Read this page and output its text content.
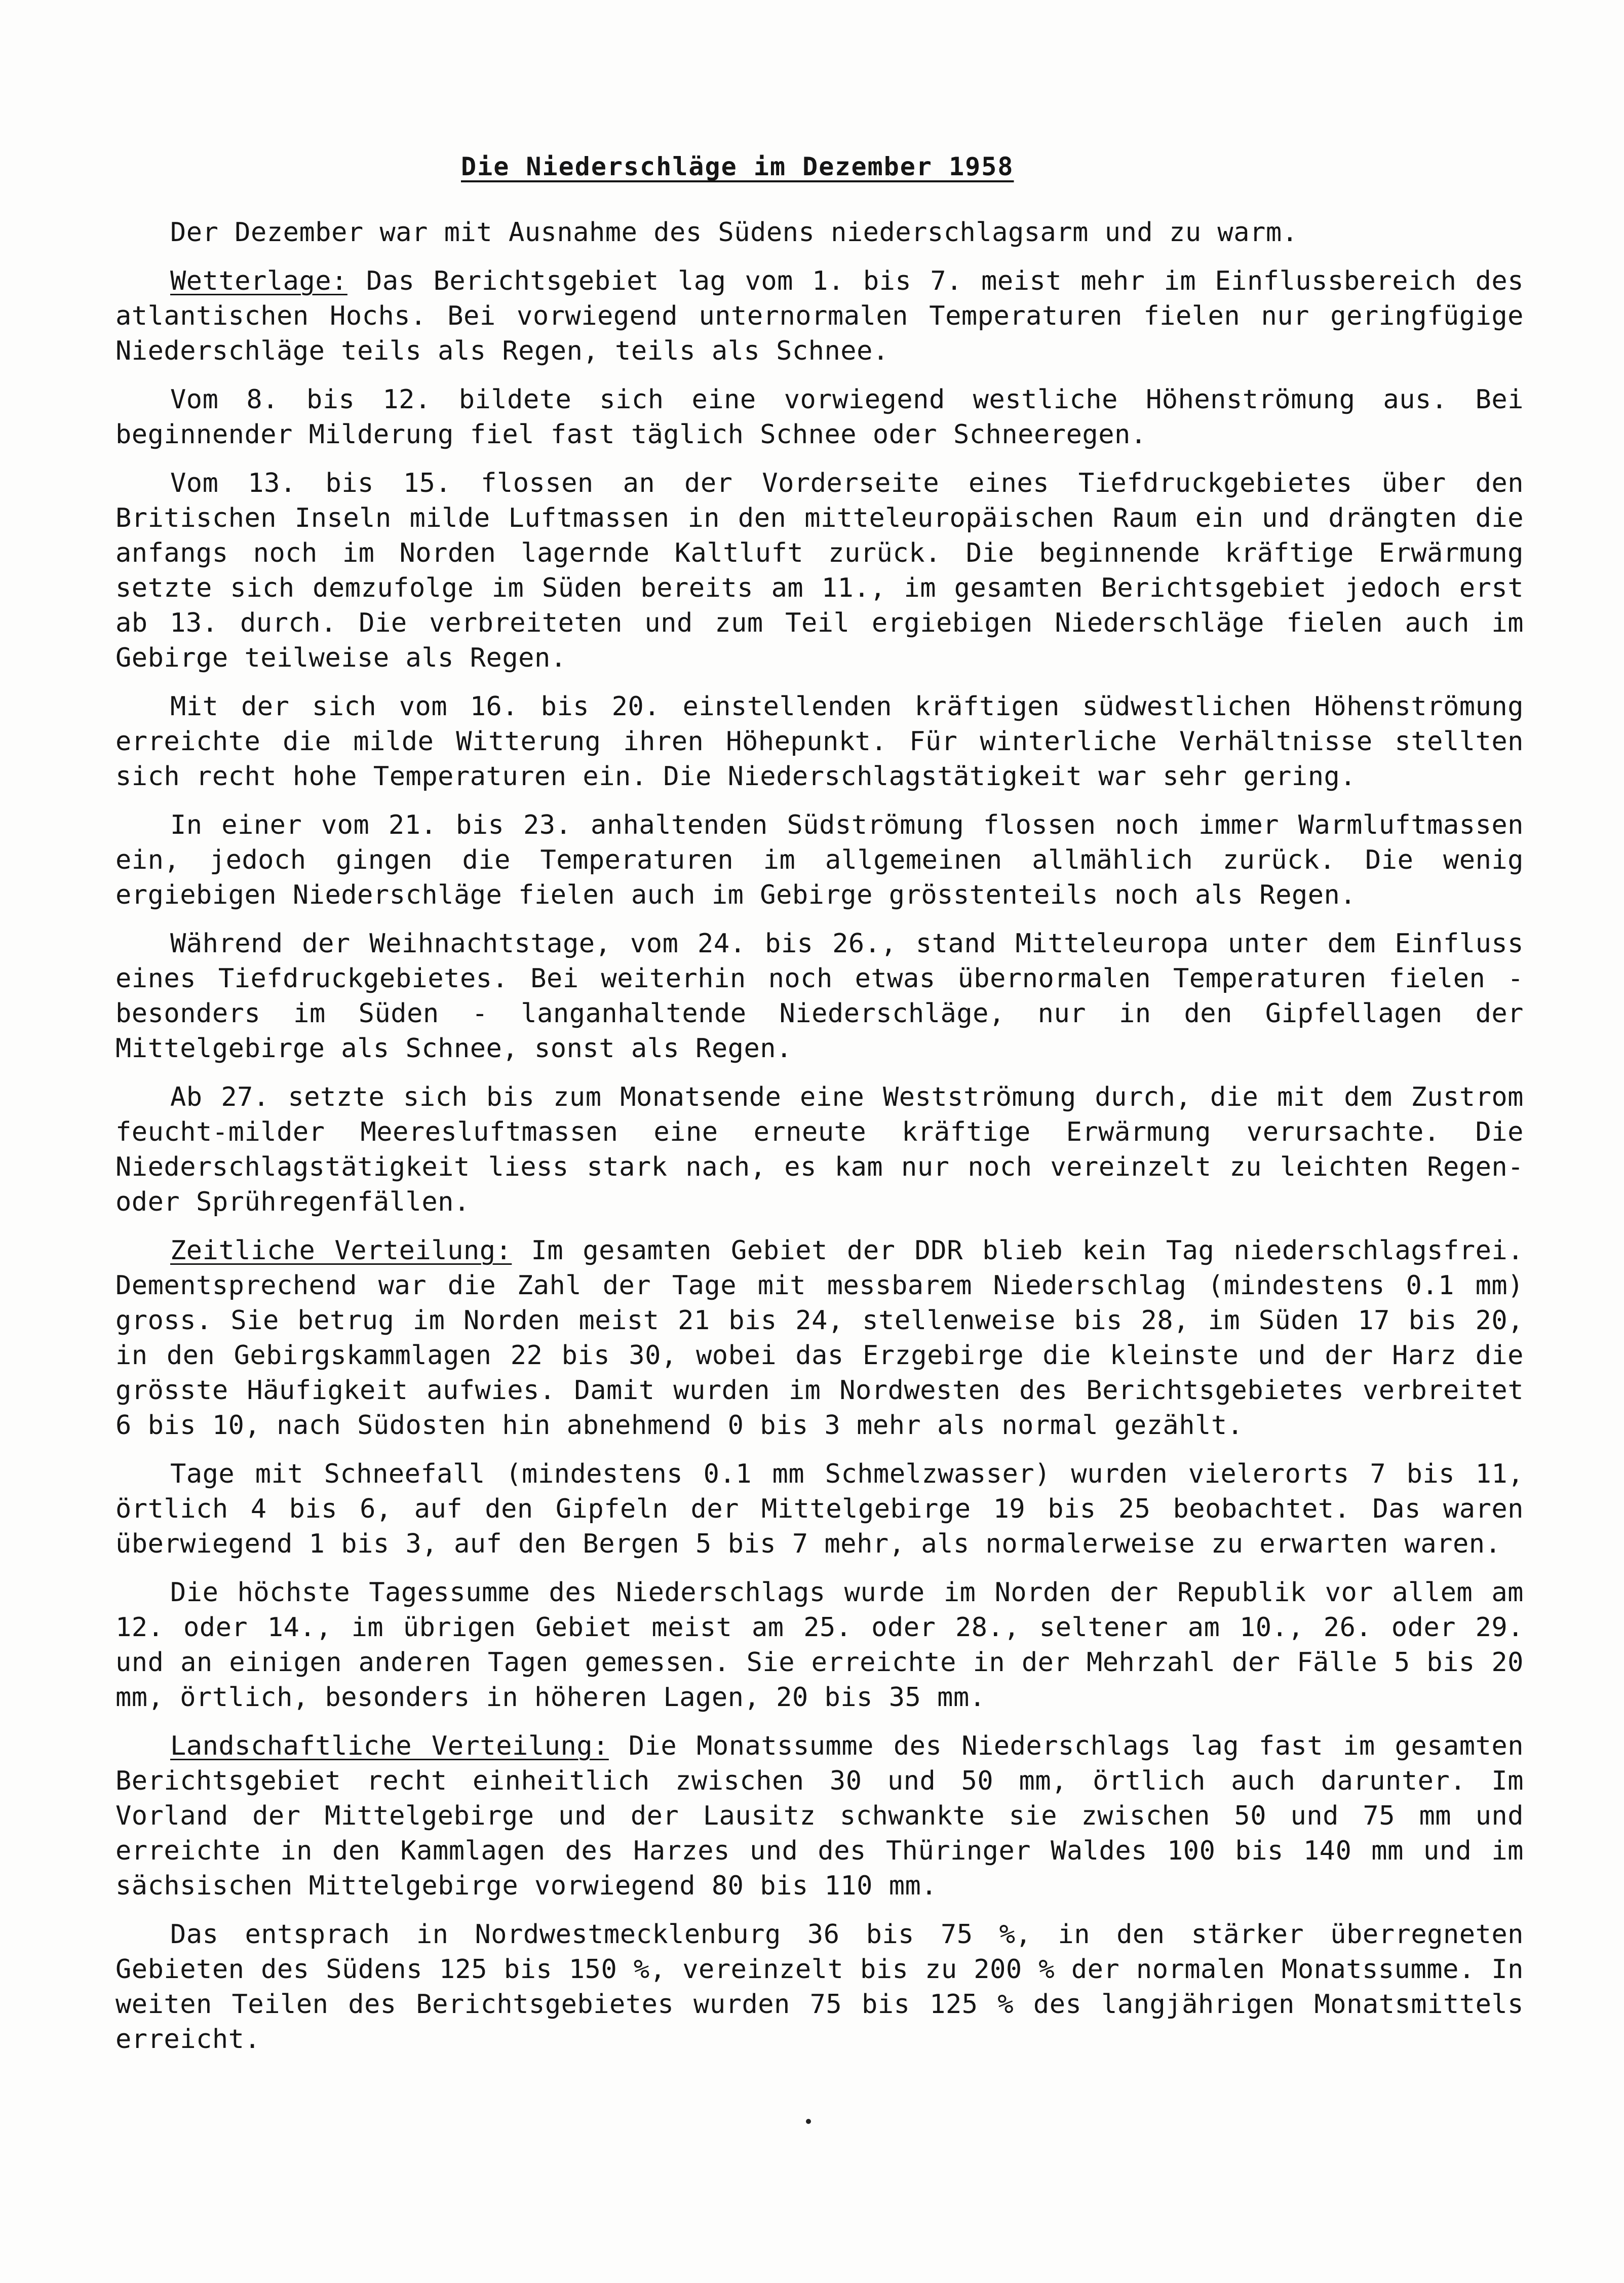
Die Niederschläge im Dezember 1958

Der Dezember war mit Ausnahme des Südens niederschlagsarm und zu warm.

Wetterlage: Das Berichtsgebiet lag vom 1. bis 7. meist mehr im Einflussbereich des atlantischen Hochs. Bei vorwiegend unternormalen Temperaturen fielen nur geringfügige Niederschläge teils als Regen, teils als Schnee.

Vom 8. bis 12. bildete sich eine vorwiegend westliche Höhenströmung aus. Bei beginnender Milderung fiel fast täglich Schnee oder Schneeregen.

Vom 13. bis 15. flossen an der Vorderseite eines Tiefdruckgebietes über den Britischen Inseln milde Luftmassen in den mitteleuropäischen Raum ein und drängten die anfangs noch im Norden lagernde Kaltluft zurück. Die beginnende kräftige Erwärmung setzte sich demzufolge im Süden bereits am 11., im gesamten Berichtsgebiet jedoch erst ab 13. durch. Die verbreiteten und zum Teil ergiebigen Niederschläge fielen auch im Gebirge teilweise als Regen.

Mit der sich vom 16. bis 20. einstellenden kräftigen südwestlichen Höhenströmung erreichte die milde Witterung ihren Höhepunkt. Für winterliche Verhältnisse stellten sich recht hohe Temperaturen ein. Die Niederschlagstätigkeit war sehr gering.

In einer vom 21. bis 23. anhaltenden Südströmung flossen noch immer Warmluftmassen ein, jedoch gingen die Temperaturen im allgemeinen allmählich zurück. Die wenig ergiebigen Niederschläge fielen auch im Gebirge grösstenteils noch als Regen.

Während der Weihnachtstage, vom 24. bis 26., stand Mitteleuropa unter dem Einfluss eines Tiefdruckgebietes. Bei weiterhin noch etwas übernormalen Temperaturen fielen - besonders im Süden - langanhaltende Niederschläge, nur in den Gipfellagen der Mittelgebirge als Schnee, sonst als Regen.

Ab 27. setzte sich bis zum Monatsende eine Westströmung durch, die mit dem Zustrom feucht-milder Meeresluftmassen eine erneute kräftige Erwärmung verursachte. Die Niederschlagstätigkeit liess stark nach, es kam nur noch vereinzelt zu leichten Regen- oder Sprühregenfällen.

Zeitliche Verteilung: Im gesamten Gebiet der DDR blieb kein Tag niederschlagsfrei. Dementsprechend war die Zahl der Tage mit messbarem Niederschlag (mindestens 0.1 mm) gross. Sie betrug im Norden meist 21 bis 24, stellenweise bis 28, im Süden 17 bis 20, in den Gebirgskammlagen 22 bis 30, wobei das Erzgebirge die kleinste und der Harz die grösste Häufigkeit aufwies. Damit wurden im Nordwesten des Berichtsgebietes verbreitet 6 bis 10, nach Südosten hin abnehmend 0 bis 3 mehr als normal gezählt.

Tage mit Schneefall (mindestens 0.1 mm Schmelzwasser) wurden vielerorts 7 bis 11, örtlich 4 bis 6, auf den Gipfeln der Mittelgebirge 19 bis 25 beobachtet. Das waren überwiegend 1 bis 3, auf den Bergen 5 bis 7 mehr, als normalerweise zu erwarten waren.

Die höchste Tagessumme des Niederschlags wurde im Norden der Republik vor allem am 12. oder 14., im übrigen Gebiet meist am 25. oder 28., seltener am 10., 26. oder 29. und an einigen anderen Tagen gemessen. Sie erreichte in der Mehrzahl der Fälle 5 bis 20 mm, örtlich, besonders in höheren Lagen, 20 bis 35 mm.

Landschaftliche Verteilung: Die Monatssumme des Niederschlags lag fast im gesamten Berichtsgebiet recht einheitlich zwischen 30 und 50 mm, örtlich auch darunter. Im Vorland der Mittelgebirge und der Lausitz schwankte sie zwischen 50 und 75 mm und erreichte in den Kammlagen des Harzes und des Thüringer Waldes 100 bis 140 mm und im sächsischen Mittelgebirge vorwiegend 80 bis 110 mm.

Das entsprach in Nordwestmecklenburg 36 bis 75 %, in den stärker überregneten Gebieten des Südens 125 bis 150 %, vereinzelt bis zu 200 % der normalen Monatssumme. In weiten Teilen des Berichtsgebietes wurden 75 bis 125 % des langjährigen Monatsmittels erreicht.
